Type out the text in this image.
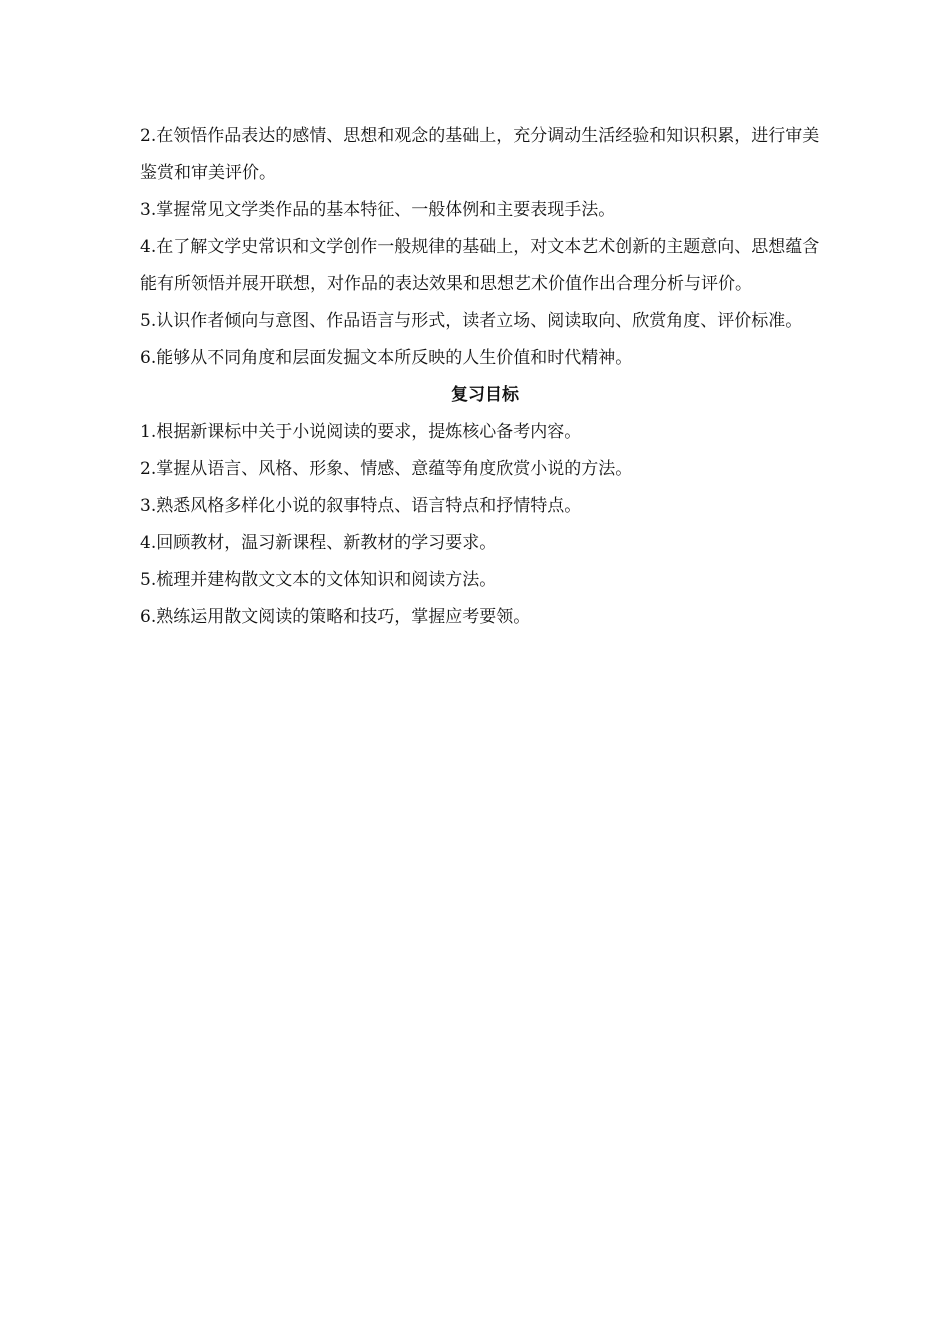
2.在领悟作品表达的感情、思想和观念的基础上，充分调动生活经验和知识积累，进行审美鉴赏和审美评价。

3.掌握常见文学类作品的基本特征、一般体例和主要表现手法。

4.在了解文学史常识和文学创作一般规律的基础上，对文本艺术创新的主题意向、思想蕴含能有所领悟并展开联想，对作品的表达效果和思想艺术价值作出合理分析与评价。

5.认识作者倾向与意图、作品语言与形式，读者立场、阅读取向、欣赏角度、评价标准。

6.能够从不同角度和层面发掘文本所反映的人生价值和时代精神。

复习目标

1.根据新课标中关于小说阅读的要求，提炼核心备考内容。

2.掌握从语言、风格、形象、情感、意蕴等角度欣赏小说的方法。

3.熟悉风格多样化小说的叙事特点、语言特点和抒情特点。

4.回顾教材，温习新课程、新教材的学习要求。

5.梳理并建构散文文本的文体知识和阅读方法。

6.熟练运用散文阅读的策略和技巧，掌握应考要领。
